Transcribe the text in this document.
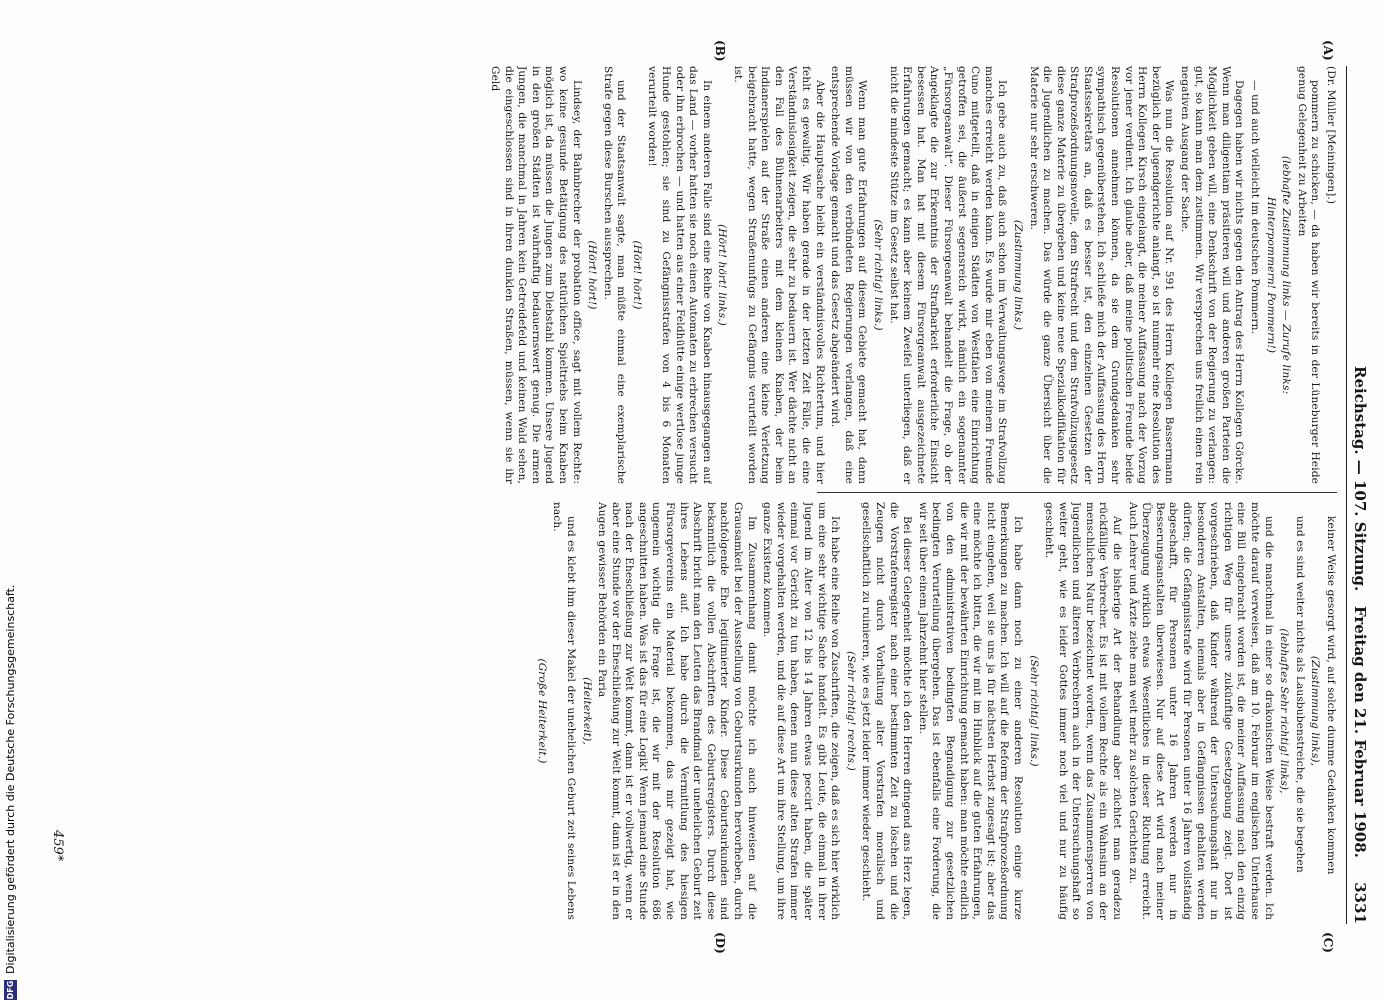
Reichstag. — 107. Sitzung.
Freitag den 21. Februar 1908.
3331
(A)
(B)
(C)
(D)

(Dr. Müller [Meiningen].)

pommern zu schicken, — da haben wir bereits in der Lüneburger Heide genug Gelegenheit zu Arbeiten

(lebhafte Zustimmung links — Zurufe links:

Hinterpommern! Pommern!)

— und auch vielleicht im deutschen Pommern.

Dagegen haben wir nichts gegen den Antrag des Herrn Kollegen Görcke. Wenn man diligentiam präsitieren will und anderen großen Parteien die Möglichkeit geben will, eine Denkschrift von der Regierung zu verlangen: gut, so kann man dem zustimmen. Wir versprechen uns freilich einen rein negativen Ausgang der Sache.

Was nun die Resolution auf Nr. 591 des Herrn Kollegen Bassermann bezüglich der Jugendgerichte anlangt, so ist nunmehr eine Resolution des Herrn Kollegen Kirsch eingelangt, die meiner Auffassung nach der Vorzug vor jener verdient. Ich glaube aber, daß meine politischen Freunde beide Resolutionen annehmen können, da sie dem Grundgedanken sehr sympathisch gegenüberstehen. Ich schließe mich der Auffassung des Herrn Staatssekretärs an, daß es besser ist, den einzelnen Gesetzen der Strafprozeßordnungsnovelle, dem Strafrecht und dem Strafvollzugsgesetz diese ganze Materie zu übergeben und keine neue Spezialkodifikation für die Jugendlichen zu machen. Das würde die ganze Übersicht über die Materie nur sehr erschweren.

(Zustimmung links.)

Ich gebe auch zu, daß auch schon im Verwaltungswege im Strafvollzug manches erreicht werden kann. Es wurde mir eben von meinem Freunde Cuno mitgeteilt, daß in einigen Städten von Westfalen eine Einrichtung getroffen sei, die äußerst segensreich wirkt, nämlich ein sogenannter „Fürsorgeanwalt“. Dieser Fürsorgeanwalt behandelt die Frage, ob der Angeklagte die zur Erkenntnis der Strafbarkeit erforderliche Einsicht besessen hat. Man hat mit diesem Fürsorgeanwalt ausgezeichnete Erfahrungen gemacht; es kann aber keinem Zweifel unterliegen, daß er nicht die mindeste Stütze im Gesetz selbst hat.

(Sehr richtig! links.)

Wenn man gute Erfahrungen auf diesem Gebiete gemacht hat, dann müssen wir von den verbündeten Regierungen verlangen, daß eine entsprechende Vorlage gemacht und das Gesetz abgeändert wird.

Aber die Hauptsache bleibt ein verständnisvolles Richtertum, und hier fehlt es gewaltig. Wir haben gerade in der letzten Zeit Fälle, die eine Verständnislosigkeit zeigen, die sehr zu bedauern ist. Wer dächte nicht an den Fall des Bühnenarbeiters mit dem kleinen Knaben, der beim Indianerspielen auf der Straße einen anderen eine kleine Verletzung beigebracht hatte, wegen Straßenunfugs zu Gefängnis verurteilt worden ist.

(Hört! hört! links.)

In einem anderen Falle sind eine Reihe von Knaben hinausgegangen auf das Land — vorher hatten sie noch einen Automaten zu erbrechen versucht oder ihn erbrochen — und hatten aus einer Feldhütte einige wertlose junge Hunde gestohlen; sie sind zu Gefängnisstrafen von 4 bis 6 Monaten verurteilt worden!

(Hört! hört!)

und der Staatsanwalt sagte, man müßte einmal eine exemplarische Strafe gegen diese Burschen aussprechen.

(Hört! hört!)

Lindsey, der Bahnbrecher der probation office, sagt mit vollem Rechte: wo keine gesunde Betätigung des natürlichen Spieltriebs beim Knaben möglich ist, da müssen die Jungen zum Diebstahl kommen. Unsere Jugend in den großen Städten ist wahrhaftig bedauernswert genug. Die armen Jungen, die manchmal in Jahren kein Getreidefeld und keinen Wald sehen, die eingeschlossen sind in ihren dunklen Straßen, müssen, wenn sie ihr Geld

keiner Weise gesorgt wird, auf solche dumme Gedanken kommen

(Zustimmung links),

und es sind weiter nichts als Lausbubenstreiche, die sie begehen

(lebhaftes Sehr richtig! links),

und die manchmal in einer so drakonischen Weise bestraft werden. Ich möchte darauf verweisen, daß am 10. Februar im englischen Unterhause eine Bill eingebracht worden ist, die meiner Auffassung nach den einzig richtigen Weg für unsere zukünftige Gesetzgebung zeigt. Dort ist vorgeschrieben, daß Kinder während der Untersuchungshaft nur in besonderen Anstalten, niemals aber in Gefängnissen gehalten werden dürfen; die Gefängnisstrafe wird für Personen unter 16 Jahren vollständig abgeschafft, für Personen unter 16 Jahren werden nur in Besserungsanstalten überwiesen. Nur auf diese Art wird nach meiner Überzeugung wirklich etwas Wesentliches in dieser Richtung erreicht. Auch Lehrer und Ärzte ziehe man weit mehr zu solchen Gerichten zu.

Auf die bisherige Art der Behandlung aber züchtet man geradezu rückfällige Verbrecher. Es ist mit vollem Rechte als ein Wahnsinn an der menschlichen Natur bezeichnet worden, wenn das Zusammensperren von Jugendlichen und älteren Verbrechern auch in der Untersuchungshaft so weiter geht, wie es leider Gottes immer noch viel und nur zu häufig geschieht.

(Sehr richtig! links.)

Ich habe dann noch zu einer anderen Resolution einige kurze Bemerkungen zu machen. Ich will auf die Reform der Strafprozeßordnung nicht eingehen, weil sie uns ja für nächsten Herbst zugesagt ist; aber das eine möchte ich bitten, die wir mit im Hinblick auf die guten Erfahrungen, die wir mit der bewährten Einrichtung gemacht haben: man möchte endlich von den administrativen bedingten Begnadigung zur gesetzlichen bedingten Verurteilung übergehen. Das ist ebenfalls eine Forderung, die wir seit über einem Jahrzehnt hier stellen.

Bei dieser Gelegenheit möchte ich den Herren dringend ans Herz legen, die Vorstrafenregister nach einer bestimmten Zeit zu löschen und die Zeugen nicht durch Vorhaltung alter Vorstrafen moralisch und gesellschaftlich zu ruinieren, wie es jetzt leider immer wieder geschieht.

(Sehr richtig! rechts.)

Ich habe eine Reihe von Zuschriften, die zeigen, daß es sich hier wirklich um eine sehr wichtige Sache handelt. Es gibt Leute, die einmal in ihrer Jugend im Alter von 12 bis 14 Jahren etwas peccirt haben, die später einmal vor Gericht zu tun haben, denen nun diese alten Strafen immer wieder vorgehalten werden, und die auf diese Art um ihre Stellung, um ihre ganze Existenz kommen.

Im Zusammenhang damit möchte ich auch hinweisen auf die Grausamkeit bei der Ausstellung von Geburtsurkunden hervorheben, durch nachfolgende Ehe legitimierter Kinder. Diese Geburtsurkunden sind bekanntlich die vollen Abschriften des Geburtsregisters. Durch diese Abschrift bricht man den Leuten das Brandmal der unehelichen Geburt zeit ihres Lebens auf. Ich habe durch die Vermittlung des hiesigen Fürsorgevereins ein Material bekommen, das mir gezeigt hat, wie ungemein wichtig die Frage ist, die wir mit der Resolution 686 angeschnitten haben. Was ist das für eine Logik! Wenn jemand eine Stunde nach der Eheschließung zur Welt kommt, dann ist er vollwertig, wenn er aber eine Stunde vor der Eheschließung zur Welt kommt, dann ist er in den Augen gewisser Behörden ein Paria

(Heiterkeit),

und es klebt ihm dieser Makel der unehelichen Geburt zeit seines Lebens nach.

(Große Heiterkeit.)

459*
DFG
Digitalisierung gefördert durch die Deutsche Forschungsgemeinschaft.
